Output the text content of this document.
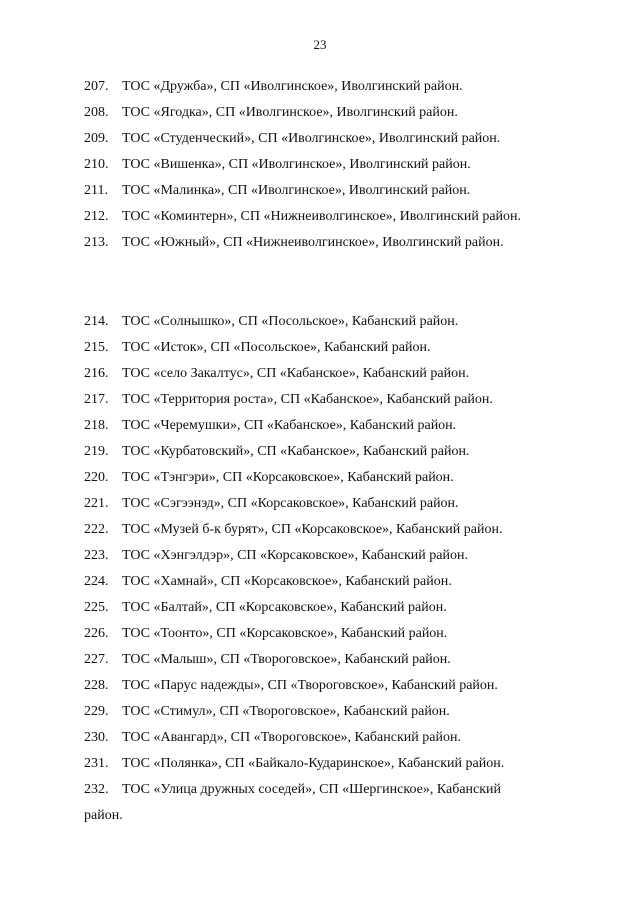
23
207. ТОС «Дружба», СП «Иволгинское», Иволгинский район.
208. ТОС «Ягодка», СП «Иволгинское», Иволгинский район.
209. ТОС «Студенческий», СП «Иволгинское», Иволгинский район.
210. ТОС «Вишенка», СП «Иволгинское», Иволгинский район.
211.	ТОС «Малинка», СП «Иволгинское», Иволгинский район.
212. ТОС «Коминтерн», СП «Нижнеиволгинское», Иволгинский район.
213. ТОС «Южный», СП «Нижнеиволгинское», Иволгинский район.
214. ТОС «Солнышко», СП «Посольское», Кабанский район.
215. ТОС «Исток», СП «Посольское», Кабанский район.
216. ТОС «село Закалтус», СП «Кабанское», Кабанский район.
217. ТОС «Территория роста», СП «Кабанское», Кабанский район.
218. ТОС «Черемушки», СП «Кабанское», Кабанский район.
219. ТОС «Курбатовский», СП «Кабанское», Кабанский район.
220. ТОС «Тэнгэри», СП «Корсаковское», Кабанский район.
221. ТОС «Сэгээнэд», СП «Корсаковское», Кабанский район.
222. ТОС «Музей б-к бурят», СП «Корсаковское», Кабанский район.
223. ТОС «Хэнгэлдэр», СП «Корсаковское», Кабанский район.
224. ТОС «Хамнай», СП «Корсаковское», Кабанский район.
225. ТОС «Балтай», СП «Корсаковское», Кабанский район.
226. ТОС «Тоонто», СП «Корсаковское», Кабанский район.
227. ТОС «Малыш», СП «Твороговское», Кабанский район.
228. ТОС «Парус надежды», СП «Твороговское», Кабанский район.
229. ТОС «Стимул», СП «Твороговское», Кабанский район.
230. ТОС «Авангард», СП «Твороговское», Кабанский район.
231. ТОС «Полянка», СП «Байкало-Кударинское», Кабанский район.
232. ТОС «Улица дружных соседей», СП «Шергинское», Кабанский
район.
